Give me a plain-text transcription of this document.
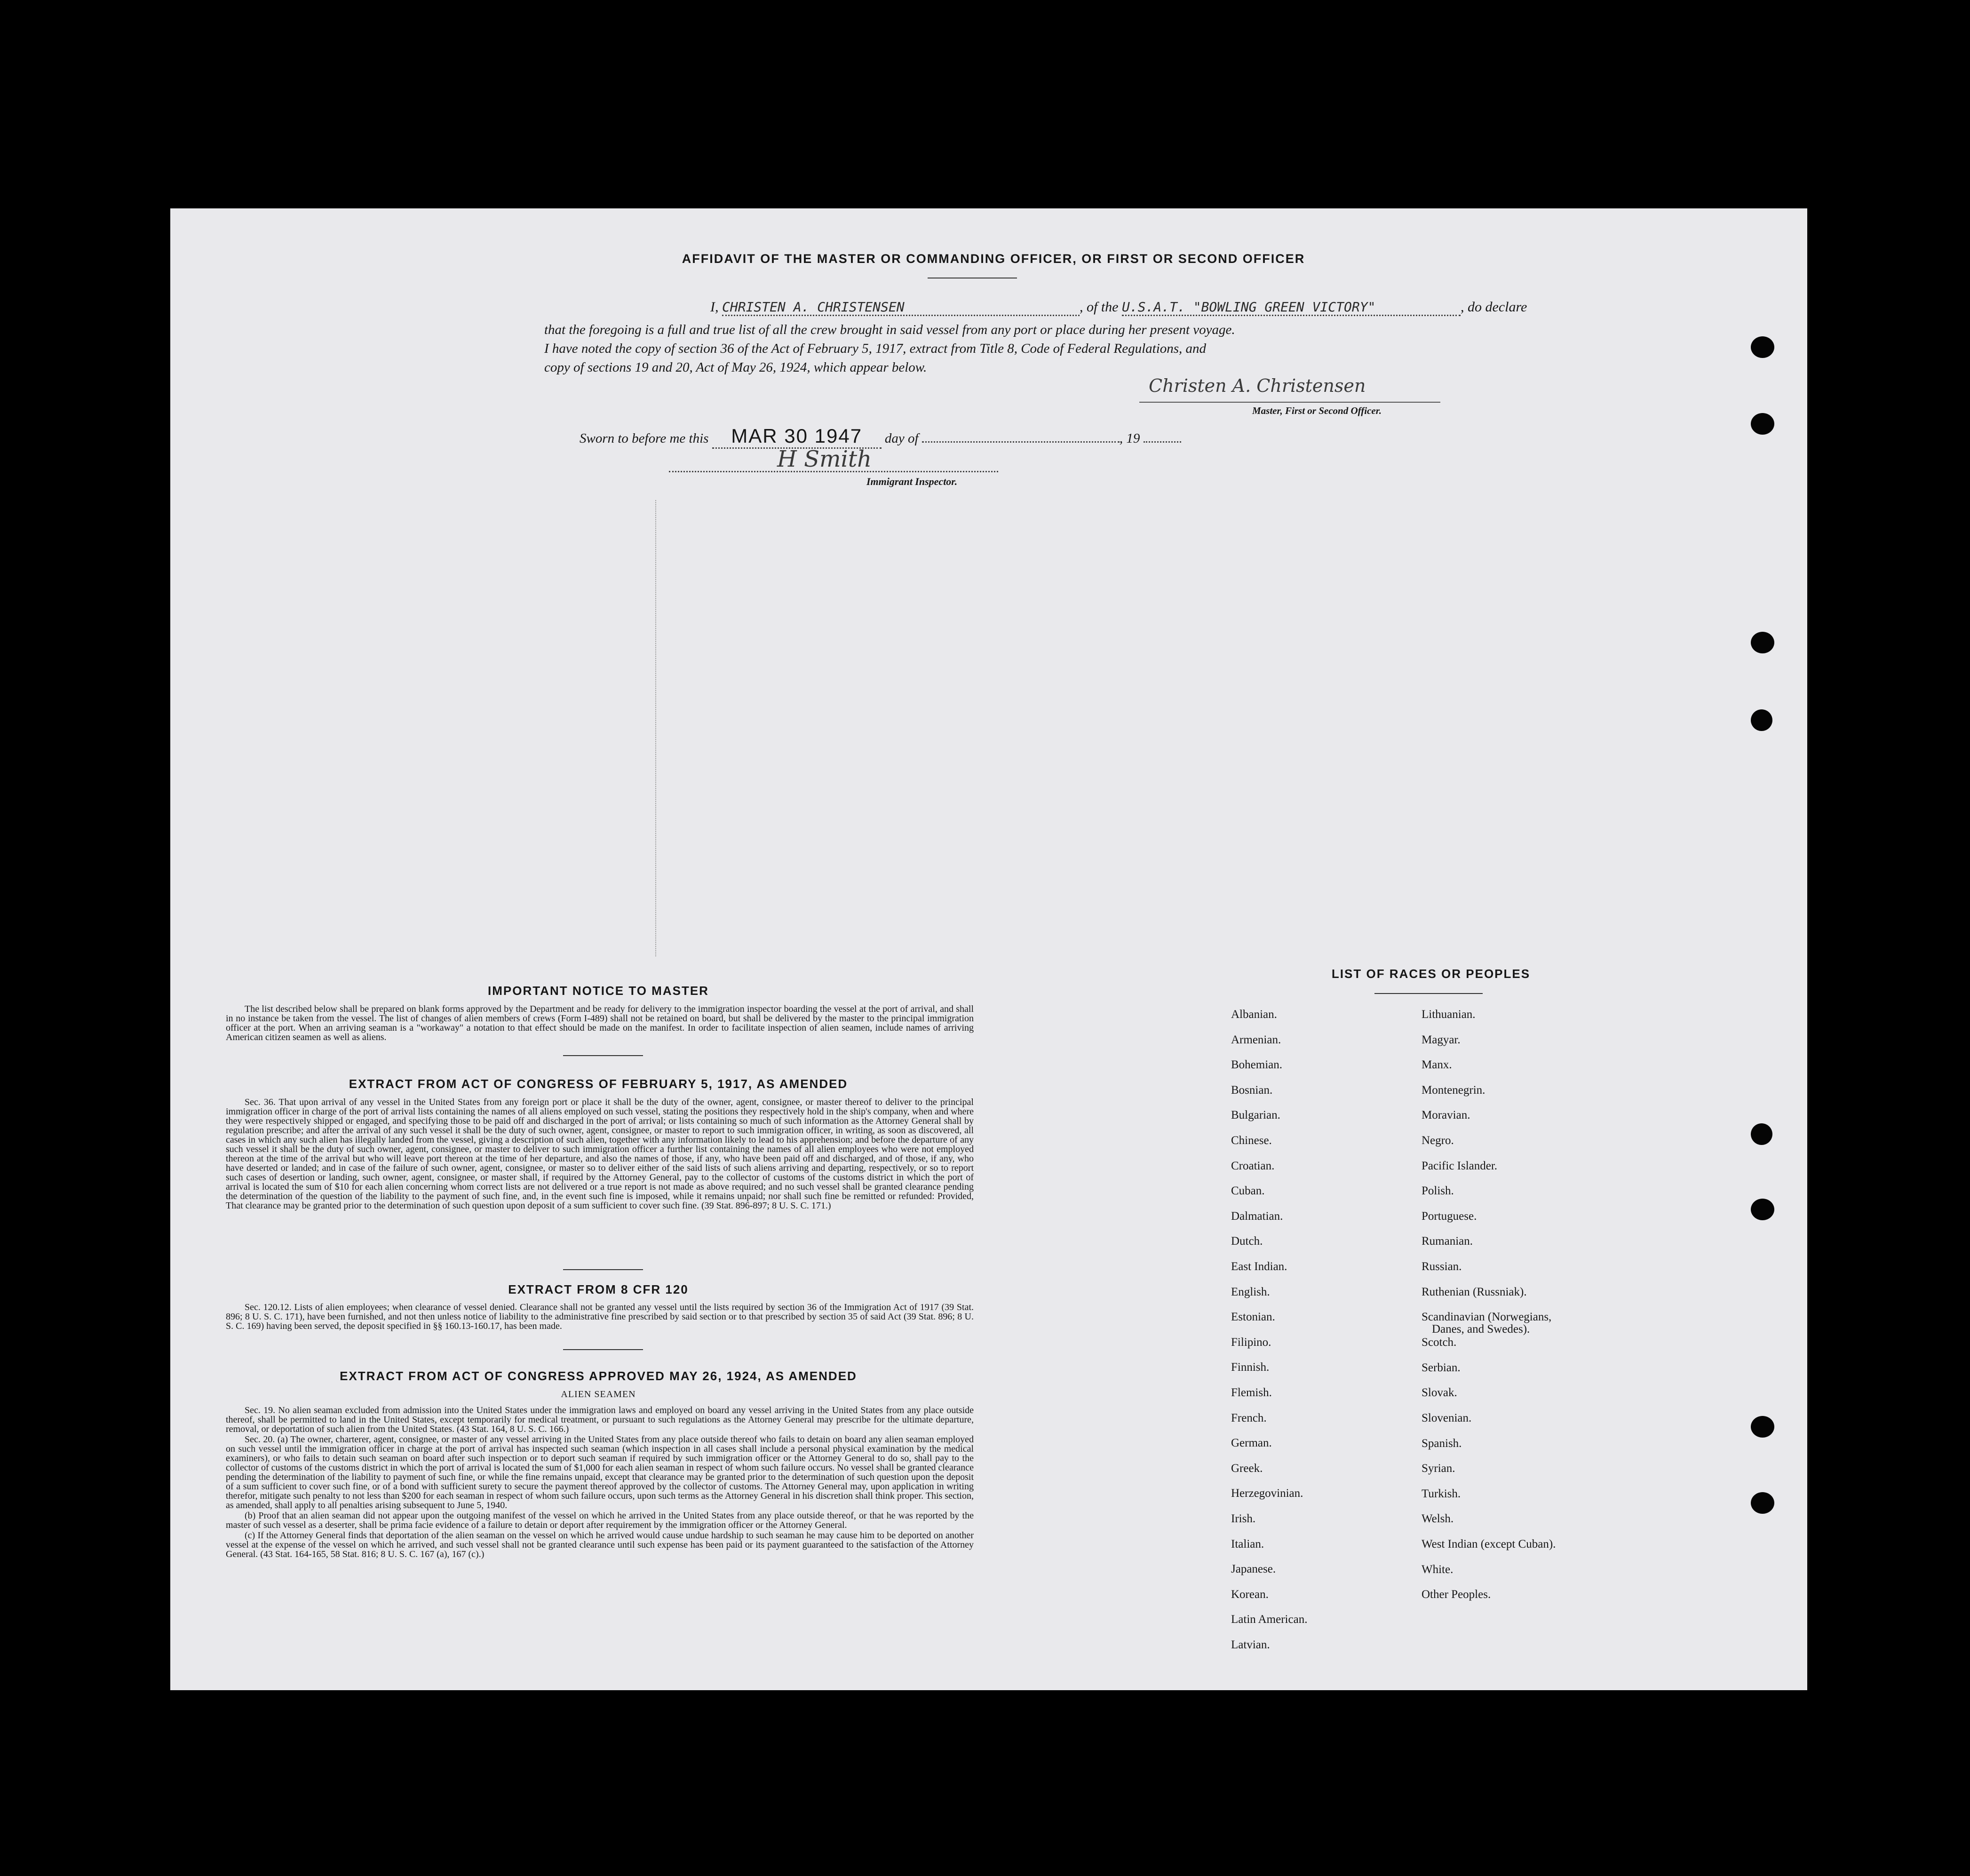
AFFIDAVIT OF THE MASTER OR COMMANDING OFFICER, OR FIRST OR SECOND OFFICER
I, CHRISTEN A. CHRISTENSEN	, of the U.S.A.T. "BOWLING GREEN VICTORY"	, do declare
that the foregoing is a full and true list of all the crew brought in said vessel from any port or place during her present voyage.
I have noted the copy of section 36 of the Act of February 5, 1917, extract from Title 8, Code of Federal Regulations, and
copy of sections 19 and 20, Act of May 26, 1924, which appear below.
Christen A. Christensen
Master, First or Second Officer.
Sworn to before me this MAR 30 1947 day of	, 19
H Smith
Immigrant Inspector.
IMPORTANT NOTICE TO MASTER

The list described below shall be prepared on blank forms approved by the Department and be ready for delivery to the immigration inspector boarding the vessel at the port of arrival, and shall in no instance be taken from the vessel. The list of changes of alien members of crews (Form I-489) shall not be retained on board, but shall be delivered by the master to the principal immigration officer at the port. When an arriving seaman is a "workaway" a notation to that effect should be made on the manifest. In order to facilitate inspection of alien seamen, include names of arriving American citizen seamen as well as aliens.

EXTRACT FROM ACT OF CONGRESS OF FEBRUARY 5, 1917, AS AMENDED

Sec. 36. That upon arrival of any vessel in the United States from any foreign port or place it shall be the duty of the owner, agent, consignee, or master thereof to deliver to the principal immigration officer in charge of the port of arrival lists containing the names of all aliens employed on such vessel, stating the positions they respectively hold in the ship's company, when and where they were respectively shipped or engaged, and specifying those to be paid off and discharged in the port of arrival; or lists containing so much of such information as the Attorney General shall by regulation prescribe; and after the arrival of any such vessel it shall be the duty of such owner, agent, consignee, or master to report to such immigration officer, in writing, as soon as discovered, all cases in which any such alien has illegally landed from the vessel, giving a description of such alien, together with any information likely to lead to his apprehension; and before the departure of any such vessel it shall be the duty of such owner, agent, consignee, or master to deliver to such immigration officer a further list containing the names of all alien employees who were not employed thereon at the time of the arrival but who will leave port thereon at the time of her departure, and also the names of those, if any, who have been paid off and discharged, and of those, if any, who have deserted or landed; and in case of the failure of such owner, agent, consignee, or master so to deliver either of the said lists of such aliens arriving and departing, respectively, or so to report such cases of desertion or landing, such owner, agent, consignee, or master shall, if required by the Attorney General, pay to the collector of customs of the customs district in which the port of arrival is located the sum of $10 for each alien concerning whom correct lists are not delivered or a true report is not made as above required; and no such vessel shall be granted clearance pending the determination of the question of the liability to the payment of such fine, and, in the event such fine is imposed, while it remains unpaid; nor shall such fine be remitted or refunded: Provided, That clearance may be granted prior to the determination of such question upon deposit of a sum sufficient to cover such fine. (39 Stat. 896-897; 8 U. S. C. 171.)

EXTRACT FROM 8 CFR 120

Sec. 120.12. Lists of alien employees; when clearance of vessel denied. Clearance shall not be granted any vessel until the lists required by section 36 of the Immigration Act of 1917 (39 Stat. 896; 8 U. S. C. 171), have been furnished, and not then unless notice of liability to the administrative fine prescribed by said section or to that prescribed by section 35 of said Act (39 Stat. 896; 8 U. S. C. 169) having been served, the deposit specified in §§ 160.13-160.17, has been made.

EXTRACT FROM ACT OF CONGRESS APPROVED MAY 26, 1924, AS AMENDED
ALIEN SEAMEN

Sec. 19. No alien seaman excluded from admission into the United States under the immigration laws and employed on board any vessel arriving in the United States from any place outside thereof, shall be permitted to land in the United States, except temporarily for medical treatment, or pursuant to such regulations as the Attorney General may prescribe for the ultimate departure, removal, or deportation of such alien from the United States. (43 Stat. 164, 8 U. S. C. 166.)

Sec. 20. (a) The owner, charterer, agent, consignee, or master of any vessel arriving in the United States from any place outside thereof who fails to detain on board any alien seaman employed on such vessel until the immigration officer in charge at the port of arrival has inspected such seaman (which inspection in all cases shall include a personal physical examination by the medical examiners), or who fails to detain such seaman on board after such inspection or to deport such seaman if required by such immigration officer or the Attorney General to do so, shall pay to the collector of customs of the customs district in which the port of arrival is located the sum of $1,000 for each alien seaman in respect of whom such failure occurs. No vessel shall be granted clearance pending the determination of the liability to payment of such fine, or while the fine remains unpaid, except that clearance may be granted prior to the determination of such question upon the deposit of a sum sufficient to cover such fine, or of a bond with sufficient surety to secure the payment thereof approved by the collector of customs. The Attorney General may, upon application in writing therefor, mitigate such penalty to not less than $200 for each seaman in respect of whom such failure occurs, upon such terms as the Attorney General in his discretion shall think proper. This section, as amended, shall apply to all penalties arising subsequent to June 5, 1940.

(b) Proof that an alien seaman did not appear upon the outgoing manifest of the vessel on which he arrived in the United States from any place outside thereof, or that he was reported by the master of such vessel as a deserter, shall be prima facie evidence of a failure to detain or deport after requirement by the immigration officer or the Attorney General.

(c) If the Attorney General finds that deportation of the alien seaman on the vessel on which he arrived would cause undue hardship to such seaman he may cause him to be deported on another vessel at the expense of the vessel on which he arrived, and such vessel shall not be granted clearance until such expense has been paid or its payment guaranteed to the satisfaction of the Attorney General. (43 Stat. 164-165, 58 Stat. 816; 8 U. S. C. 167 (a), 167 (c).)

LIST OF RACES OR PEOPLES
Albanian.
Armenian.
Bohemian.
Bosnian.
Bulgarian.
Chinese.
Croatian.
Cuban.
Dalmatian.
Dutch.
East Indian.
English.
Estonian.
Filipino.
Finnish.
Flemish.
French.
German.
Greek.
Herzegovinian.
Irish.
Italian.
Japanese.
Korean.
Latin American.
Latvian.
Lithuanian.
Magyar.
Manx.
Montenegrin.
Moravian.
Negro.
Pacific Islander.
Polish.
Portuguese.
Rumanian.
Russian.
Ruthenian (Russniak).
Scandinavian (Norwegians,
Danes, and Swedes).
Scotch.
Serbian.
Slovak.
Slovenian.
Spanish.
Syrian.
Turkish.
Welsh.
West Indian (except Cuban).
White.
Other Peoples.
